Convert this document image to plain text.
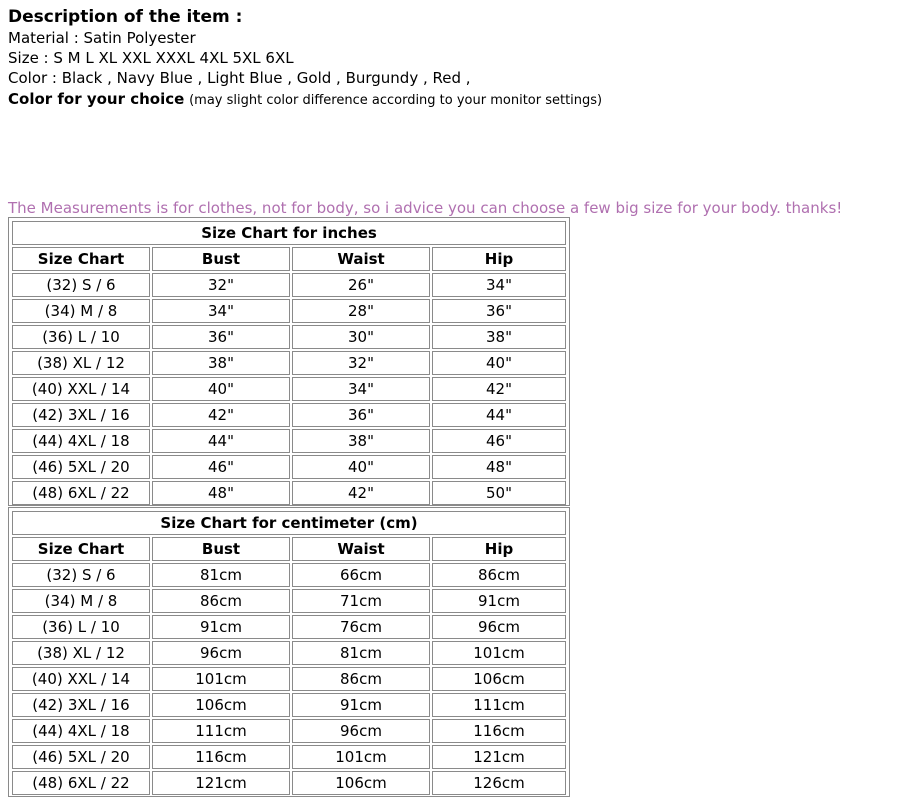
Description of the item :
Material : Satin Polyester
Size : S M L XL XXL XXXL 4XL 5XL 6XL
Color : Black , Navy Blue , Light Blue , Gold , Burgundy , Red ,
Color for your choice (may slight color difference according to your monitor settings)
The Measurements is for clothes, not for body, so i advice you can choose a few big size for your body. thanks!
Size Chart for inches			
Size Chart	Bust	Waist	Hip
(32) S / 6	32"	26"	34"
(34) M / 8	34"	28"	36"
(36) L / 10	36"	30"	38"
(38) XL / 12	38"	32"	40"
(40) XXL / 14	40"	34"	42"
(42) 3XL / 16	42"	36"	44"
(44) 4XL / 18	44"	38"	46"
(46) 5XL / 20	46"	40"	48"
(48) 6XL / 22	48"	42"	50"
Size Chart for centimeter (cm)			
Size Chart	Bust	Waist	Hip
(32) S / 6	81cm	66cm	86cm
(34) M / 8	86cm	71cm	91cm
(36) L / 10	91cm	76cm	96cm
(38) XL / 12	96cm	81cm	101cm
(40) XXL / 14	101cm	86cm	106cm
(42) 3XL / 16	106cm	91cm	111cm
(44) 4XL / 18	111cm	96cm	116cm
(46) 5XL / 20	116cm	101cm	121cm
(48) 6XL / 22	121cm	106cm	126cm
